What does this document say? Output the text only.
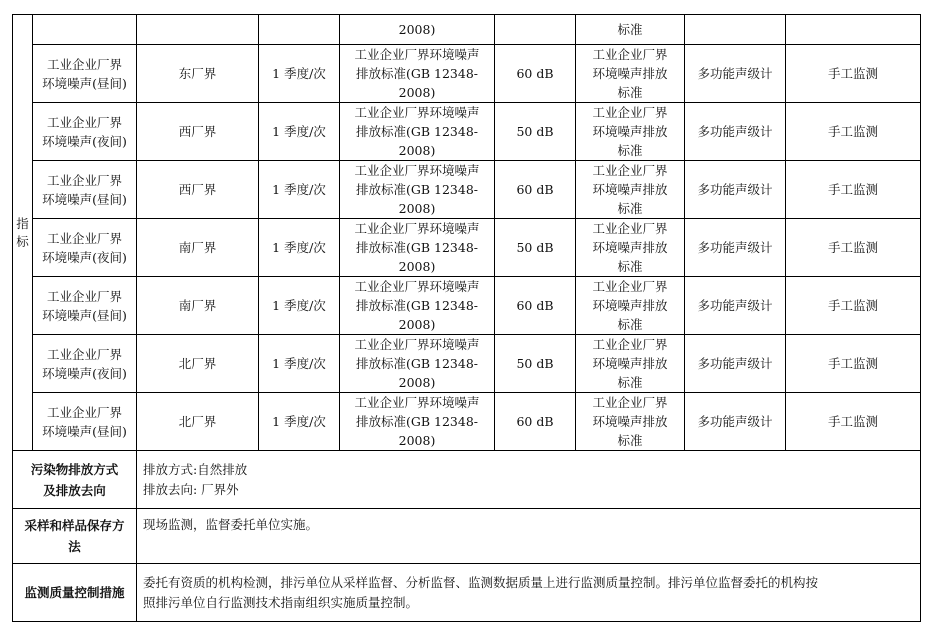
指
标				2008)		标准		

	工业企业厂界
环境噪声(昼间)	东厂界	1 季度/次	工业企业厂界环境噪声
排放标准(GB 12348-
2008)	60 dB	工业企业厂界
环境噪声排放
标准	多功能声级计	手工监测

	工业企业厂界
环境噪声(夜间)	西厂界	1 季度/次	工业企业厂界环境噪声
排放标准(GB 12348-
2008)	50 dB	工业企业厂界
环境噪声排放
标准	多功能声级计	手工监测

	工业企业厂界
环境噪声(昼间)	西厂界	1 季度/次	工业企业厂界环境噪声
排放标准(GB 12348-
2008)	60 dB	工业企业厂界
环境噪声排放
标准	多功能声级计	手工监测

	工业企业厂界
环境噪声(夜间)	南厂界	1 季度/次	工业企业厂界环境噪声
排放标准(GB 12348-
2008)	50 dB	工业企业厂界
环境噪声排放
标准	多功能声级计	手工监测

	工业企业厂界
环境噪声(昼间)	南厂界	1 季度/次	工业企业厂界环境噪声
排放标准(GB 12348-
2008)	60 dB	工业企业厂界
环境噪声排放
标准	多功能声级计	手工监测

	工业企业厂界
环境噪声(夜间)	北厂界	1 季度/次	工业企业厂界环境噪声
排放标准(GB 12348-
2008)	50 dB	工业企业厂界
环境噪声排放
标准	多功能声级计	手工监测

	工业企业厂界
环境噪声(昼间)	北厂界	1 季度/次	工业企业厂界环境噪声
排放标准(GB 12348-
2008)	60 dB	工业企业厂界
环境噪声排放
标准	多功能声级计	手工监测

污染物排放方式
及排放去向		排放方式:自然排放
排放去向: 厂界外						

采样和样品保存方
法		现场监测，监督委托单位实施。						

监测质量控制措施		委托有资质的机构检测，排污单位从采样监督、分析监督、监测数据质量上进行监测质量控制。排污单位监督委托的机构按
照排污单位自行监测技术指南组织实施质量控制。						
